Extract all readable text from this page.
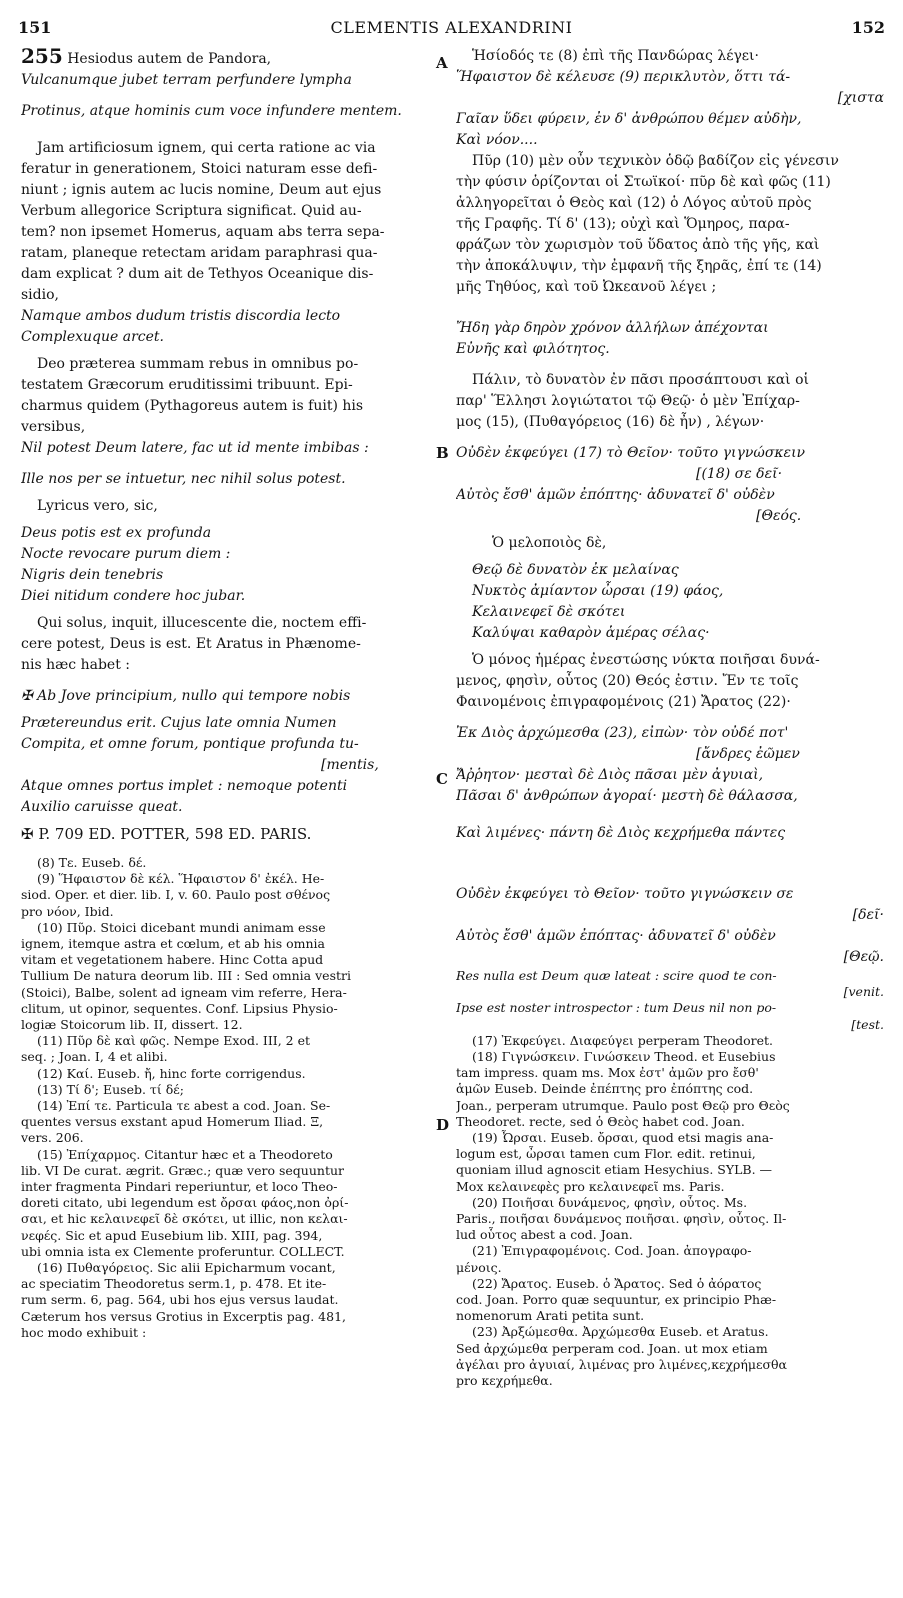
151	CLEMENTIS ALEXANDRINI	152
A
B
C
D
255 Hesiodus autem de Pandora,
Vulcanumque jubet terram perfundere lympha
Protinus, atque hominis cum voce infundere mentem.
Jam artificiosum ignem, qui certa ratione ac via
feratur in generationem, Stoici naturam esse defi-
niunt ; ignis autem ac lucis nomine, Deum aut ejus
Verbum allegorice Scriptura significat. Quid au-
tem? non ipsemet Homerus, aquam abs terra sepa-
ratam, planeque retectam aridam paraphrasi qua-
dam explicat ? dum ait de Tethyos Oceanique dis-
sidio,
Namque ambos dudum tristis discordia lecto
Complexuque arcet.
Deo præterea summam rebus in omnibus po-
testatem Græcorum eruditissimi tribuunt. Epi-
charmus quidem (Pythagoreus autem is fuit) his
versibus,
Nil potest Deum latere, fac ut id mente imbibas :
Ille nos per se intuetur, nec nihil solus potest.
Lyricus vero, sic,
Deus potis est ex profunda
Nocte revocare purum diem :
Nigris dein tenebris
Diei nitidum condere hoc jubar.
Qui solus, inquit, illucescente die, noctem effi-
cere potest, Deus is est. Et Aratus in Phænome-
nis hæc habet :
✠ Ab Jove principium, nullo qui tempore nobis
Prætereundus erit. Cujus late omnia Numen
Compita, et omne forum, pontique profunda tu-
[mentis,
Atque omnes portus implet : nemoque potenti
Auxilio caruisse queat.
✠ P. 709 ED. POTTER, 598 ED. PARIS.
(8) Τε. Euseb. δέ.
(9) Ἥφαιστον δὲ κέλ. Ἥφαιστον δ' ἐκέλ. He-
siod. Oper. et dier. lib. I, v. 60. Paulo post σθένος
pro νόον, Ibid.
(10) Πῦρ. Stoici dicebant mundi animam esse
ignem, itemque astra et cœlum, et ab his omnia
vitam et vegetationem habere. Hinc Cotta apud
Tullium De natura deorum lib. III : Sed omnia vestri
(Stoici), Balbe, solent ad igneam vim referre, Hera-
clitum, ut opinor, sequentes. Conf. Lipsius Physio-
logiæ Stoicorum lib. II, dissert. 12.
(11) Πῦρ δὲ καὶ φῶς. Nempe Exod. III, 2 et
seq. ; Joan. I, 4 et alibi.
(12) Καί. Euseb. ἤ, hinc forte corrigendus.
(13) Τί δ'; Euseb. τί δέ;
(14) Ἐπί τε. Particula τε abest a cod. Joan. Se-
quentes versus exstant apud Homerum Iliad. Ξ,
vers. 206.
(15) Ἐπίχαρμος. Citantur hæc et a Theodoreto
lib. VI De curat. ægrit. Græc.; quæ vero sequuntur
inter fragmenta Pindari reperiuntur, et loco Theo-
doreti citato, ubi legendum est ὄρσαι φάος,non ὀρί-
σαι, et hic κελαινεφεῖ δὲ σκότει, ut illic, non κελαι-
νεφές. Sic et apud Eusebium lib. XIII, pag. 394,
ubi omnia ista ex Clemente proferuntur. COLLECT.
(16) Πυθαγόρειος. Sic alii Epicharmum vocant,
ac speciatim Theodoretus serm.1, p. 478. Et ite-
rum serm. 6, pag. 564, ubi hos ejus versus laudat.
Cæterum hos versus Grotius in Excerptis pag. 481,
hoc modo exhibuit :
Ἡσίοδός τε (8) ἐπὶ τῆς Πανδώρας λέγει·
Ἥφαιστον δὲ κέλευσε (9) περικλυτὸν, ὅττι τά-
[χιστα
Γαῖαν ὕδει φύρειν, ἐν δ' ἀνθρώπου θέμεν αὐδὴν,
Καὶ νόον....
Πῦρ (10) μὲν οὖν τεχνικὸν ὁδῷ βαδίζον εἰς γένεσιν
τὴν φύσιν ὁρίζονται οἱ Στωϊκοί· πῦρ δὲ καὶ φῶς (11)
ἀλληγορεῖται ὁ Θεὸς καὶ (12) ὁ Λόγος αὐτοῦ πρὸς
τῆς Γραφῆς. Τί δ' (13); οὐχὶ καὶ Ὅμηρος, παρα-
φράζων τὸν χωρισμὸν τοῦ ὕδατος ἀπὸ τῆς γῆς, καὶ
τὴν ἀποκάλυψιν, τὴν ἐμφανῆ τῆς ξηρᾶς, ἐπί τε (14)
μῆς Τηθύος, καὶ τοῦ Ὠκεανοῦ λέγει ;
Ἤδη γὰρ δηρὸν χρόνον ἀλλήλων ἀπέχονται
Εὐνῆς καὶ φιλότητος.
Πάλιν, τὸ δυνατὸν ἐν πᾶσι προσάπτουσι καὶ οἱ
παρ' Ἕλλησι λογιώτατοι τῷ Θεῷ· ὁ μὲν Ἐπίχαρ-
μος (15), (Πυθαγόρειος (16) δὲ ἦν) , λέγων·
Οὐδὲν ἐκφεύγει (17) τὸ Θεῖον· τοῦτο γιγνώσκειν
[(18) σε δεῖ·
Αὐτὸς ἔσθ' ἁμῶν ἐπόπτης· ἀδυνατεῖ δ' οὐδὲν
[Θεός.
Ὁ μελοποιὸς δὲ,
Θεῷ δὲ δυνατὸν ἐκ μελαίνας
Νυκτὸς ἀμίαντον ὦρσαι (19) φάος,
Κελαινεφεῖ δὲ σκότει
Καλύψαι καθαρὸν ἁμέρας σέλας·
Ὁ μόνος ἡμέρας ἐνεστώσης νύκτα ποιῆσαι δυνά-
μενος, φησὶν, οὗτος (20) Θεός ἐστιν. Ἔν τε τοῖς
Φαινομένοις ἐπιγραφομένοις (21) Ἄρατος (22)·
Ἐκ Διὸς ἀρχώμεσθα (23), εἰπὼν· τὸν οὐδέ ποτ'
[ἄνδρες ἐῶμεν
Ἄῤῥητον· μεσταὶ δὲ Διὸς πᾶσαι μὲν ἀγυιαὶ,
Πᾶσαι δ' ἀνθρώπων ἀγοραί· μεστὴ δὲ θάλασσα,
Καὶ λιμένες· πάντη δὲ Διὸς κεχρήμεθα πάντες
Οὐδὲν ἐκφεύγει τὸ Θεῖον· τοῦτο γιγνώσκειν σε
[δεῖ·
Αὐτὸς ἔσθ' ἁμῶν ἐπόπτας· ἀδυνατεῖ δ' οὐδὲν
[Θεῷ.
Res nulla est Deum quæ lateat : scire quod te con-
[venit.
Ipse est noster introspector : tum Deus nil non po-
[test.
(17) Ἐκφεύγει. Διαφεύγει perperam Theodoret.
(18) Γιγνώσκειν. Γινώσκειν Theod. et Eusebius
tam impress. quam ms. Mox ἐστ' ἀμῶν pro ἔσθ'
ἁμῶν Euseb. Deinde ἐπέπτης pro ἐπόπτης cod.
Joan., perperam utrumque. Paulo post Θεῷ pro Θεὸς
Theodoret. recte, sed ὁ Θεὸς habet cod. Joan.
(19) Ὦρσαι. Euseb. ὄρσαι, quod etsi magis ana-
logum est, ὦρσαι tamen cum Flor. edit. retinui,
quoniam illud agnoscit etiam Hesychius. SYLB. —
Mox κελαινεφὲς pro κελαινεφεῖ ms. Paris.
(20) Ποιῆσαι δυνάμενος, φησὶν, οὗτος. Ms.
Paris., ποιῆσαι δυνάμενος ποιῆσαι. φησὶν, οὗτος. Il-
lud οὗτος abest a cod. Joan.
(21) Ἐπιγραφομένοις. Cod. Joan. ἀπογραφο-
μένοις.
(22) Ἄρατος. Euseb. ὁ Ἄρατος. Sed ὁ ἀόρατος
cod. Joan. Porro quæ sequuntur, ex principio Phæ-
nomenorum Arati petita sunt.
(23) Ἀρξώμεσθα. Ἀρχώμεσθα Euseb. et Aratus.
Sed ἀρχώμεθα perperam cod. Joan. ut mox etiam
ἀγέλαι pro ἀγυιαί, λιμένας pro λιμένες,κεχρήμεσθα
pro κεχρήμεθα.
